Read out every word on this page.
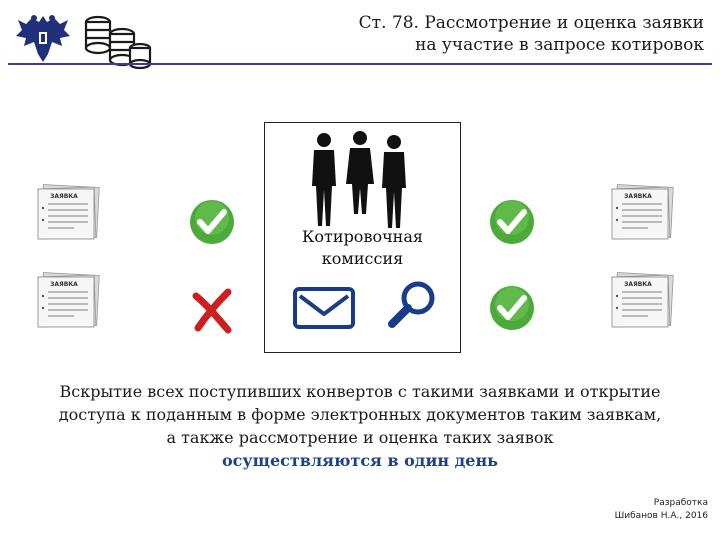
Ст. 78. Рассмотрение и оценка заявки
на участие в запросе котировок
Котировочная
комиссия
ЗАЯВКА
ЗАЯВКА
ЗАЯВКА
ЗАЯВКА
Вскрытие всех поступивших конвертов с такими заявками и открытие
доступа к поданным в форме электронных документов таким заявкам,
а также рассмотрение и оценка таких заявок
осуществляются в один день
Разработка
Шибанов Н.А., 2016
